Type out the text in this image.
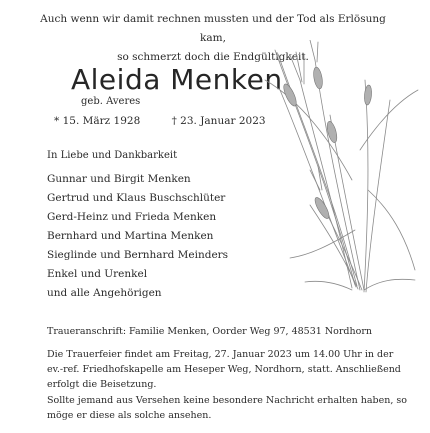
Auch wenn wir damit rechnen mussten und der Tod als Erlösung kam,
so schmerzt doch die Endgültigkeit.
Aleida Menken
geb. Averes
* 15. März 1928	† 23. Januar 2023
In Liebe und Dankbarkeit
Gunnar und Birgit Menken
Gertrud und Klaus Buschschlüter
Gerd-Heinz und Frieda Menken
Bernhard und Martina Menken
Sieglinde und Bernhard Meinders
Enkel und Urenkel
und alle Angehörigen
Traueranschrift: Familie Menken, Oorder Weg 97, 48531 Nordhorn
Die Trauerfeier findet am Freitag, 27. Januar 2023 um 14.00 Uhr in der
ev.-ref. Friedhofskapelle am Heseper Weg, Nordhorn, statt. Anschließend
erfolgt die Beisetzung.
Sollte jemand aus Versehen keine besondere Nachricht erhalten haben, so
möge er diese als solche ansehen.
